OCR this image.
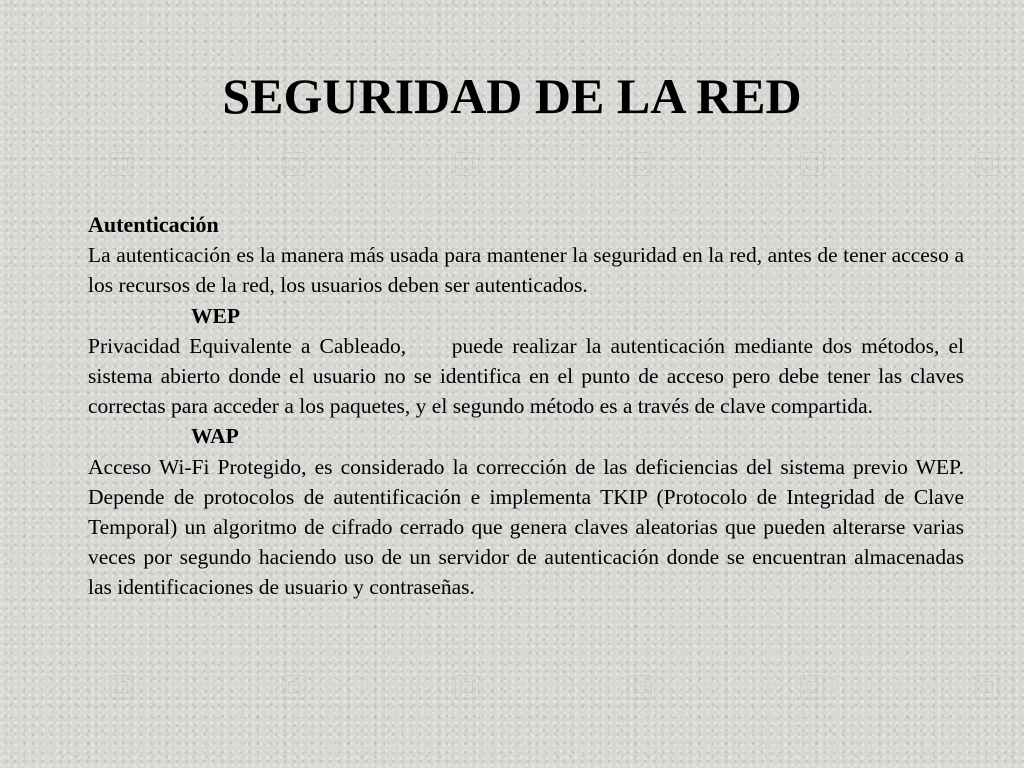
SEGURIDAD DE LA RED

Autenticación

La autenticación es la manera más usada para mantener la seguridad en la red, antes de tener acceso a los recursos de la red, los usuarios deben ser autenticados.

WEP

Privacidad Equivalente a Cableado,     puede realizar la autenticación mediante dos métodos, el sistema abierto donde el usuario no se identifica en el punto de acceso pero debe tener las claves correctas para acceder a los paquetes, y el segundo método es a través de clave compartida.

WAP

Acceso Wi-Fi Protegido, es considerado la corrección de las deficiencias del sistema previo WEP. Depende de protocolos de autentificación e implementa TKIP (Protocolo de Integridad de Clave Temporal) un algoritmo de cifrado cerrado que genera claves aleatorias que pueden alterarse varias veces por segundo haciendo uso de un servidor de autenticación donde se encuentran almacenadas las identificaciones de usuario y contraseñas.
